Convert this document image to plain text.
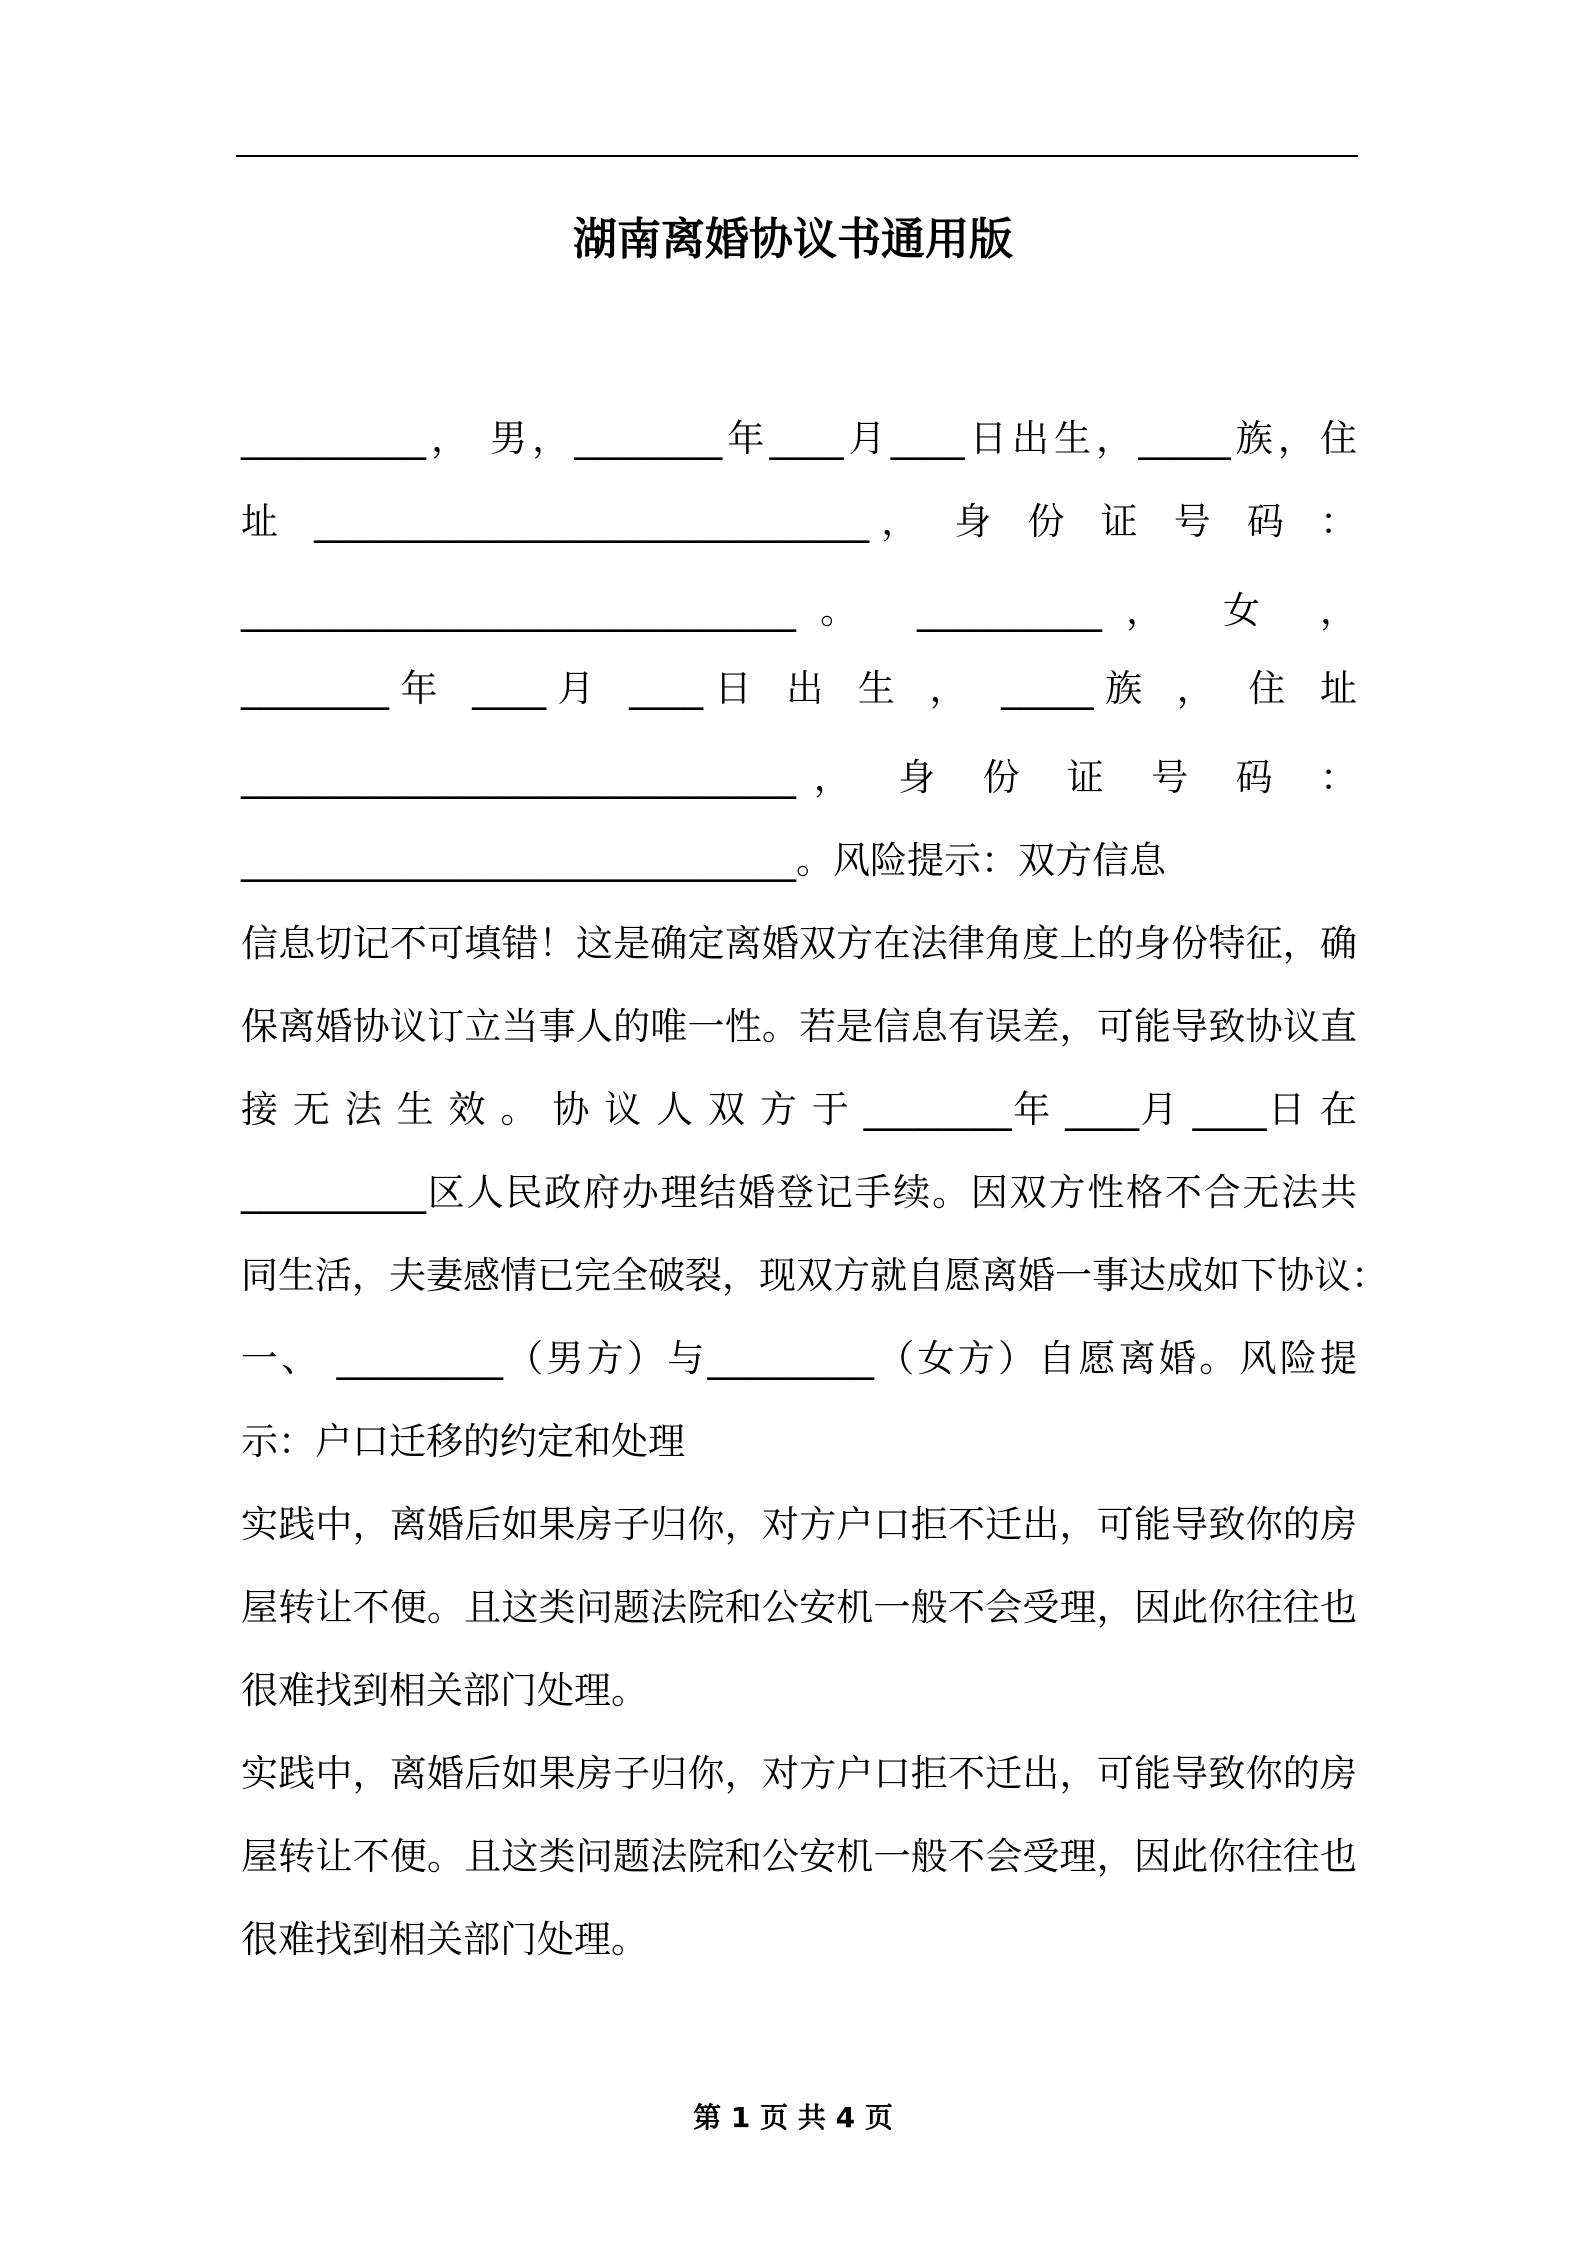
湖南离婚协议书通用版
__________， 男，________年____月____日出生，_____族，住
址 ______________________________， 身 份 证 号 码 ：
______________________________。 __________， 女 ，
________年 ____月 ____日 出 生 ， _____族 ， 住 址
______________________________， 身 份 证 号 码 ：
______________________________。风险提示：双方信息
信息切记不可填错！这是确定离婚双方在法律角度上的身份特征，确
保离婚协议订立当事人的唯一性。若是信息有误差，可能导致协议直
接 无 法 生 效 。 协 议 人 双 方 于 ________年 ____月 ____日 在
__________区人民政府办理结婚登记手续。因双方性格不合无法共
同生活，夫妻感情已完全破裂，现双方就自愿离婚一事达成如下协议：
一、 _________（男方）与_________（女方）自愿离婚。风险提
示：户口迁移的约定和处理
实践中，离婚后如果房子归你，对方户口拒不迁出，可能导致你的房
屋转让不便。且这类问题法院和公安机一般不会受理，因此你往往也
很难找到相关部门处理。
实践中，离婚后如果房子归你，对方户口拒不迁出，可能导致你的房
屋转让不便。且这类问题法院和公安机一般不会受理，因此你往往也
很难找到相关部门处理。
第 1 页 共 4 页
